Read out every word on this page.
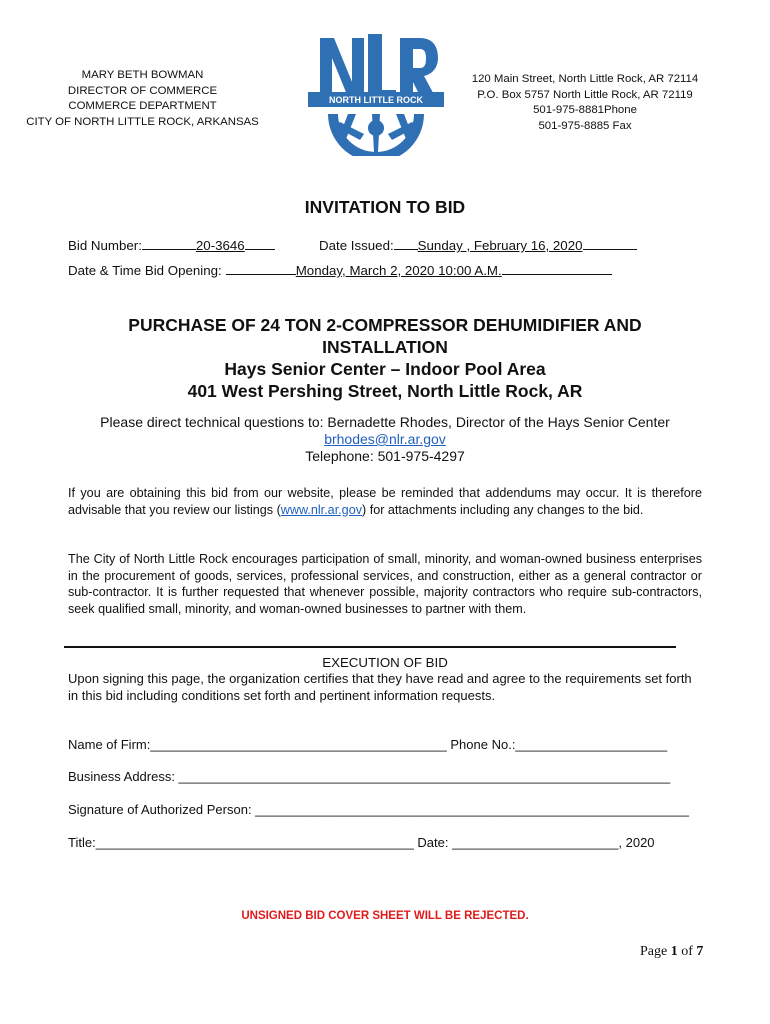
MARY BETH BOWMAN
DIRECTOR OF COMMERCE
COMMERCE DEPARTMENT
CITY OF NORTH LITTLE ROCK, ARKANSAS
NORTH LITTLE ROCK
120 Main Street, North Little Rock, AR 72114
P.O. Box 5757 North Little Rock, AR 72119
501-975-8881Phone
501-975-8885 Fax
INVITATION TO BID
Bid Number:	20-3646	Date Issued: Sunday , February 16, 2020
Date & Time Bid Opening:	Monday, March 2, 2020 10:00 A.M.
PURCHASE OF 24 TON 2-COMPRESSOR DEHUMIDIFIER AND
INSTALLATION
Hays Senior Center – Indoor Pool Area
401 West Pershing Street, North Little Rock, AR
Please direct technical questions to: Bernadette Rhodes, Director of the Hays Senior Center
brhodes@nlr.ar.gov
Telephone: 501-975-4297
If you are obtaining this bid from our website, please be reminded that addendums may occur. It is therefore advisable that you review our listings (www.nlr.ar.gov) for attachments including any changes to the bid.
The City of North Little Rock encourages participation of small, minority, and woman-owned business enterprises in the procurement of goods, services, professional services, and construction, either as a general contractor or sub-contractor. It is further requested that whenever possible, majority contractors who require sub-contractors, seek qualified small, minority, and woman-owned businesses to partner with them.
EXECUTION OF BID
Upon signing this page, the organization certifies that they have read and agree to the requirements set forth in this bid including conditions set forth and pertinent information requests.
Name of Firm:_________________________________________ Phone No.:_____________________
Business Address: ____________________________________________________________________
Signature of Authorized Person: ____________________________________________________________
Title:____________________________________________ Date: _______________________, 2020
UNSIGNED BID COVER SHEET WILL BE REJECTED.
Page 1 of 7
